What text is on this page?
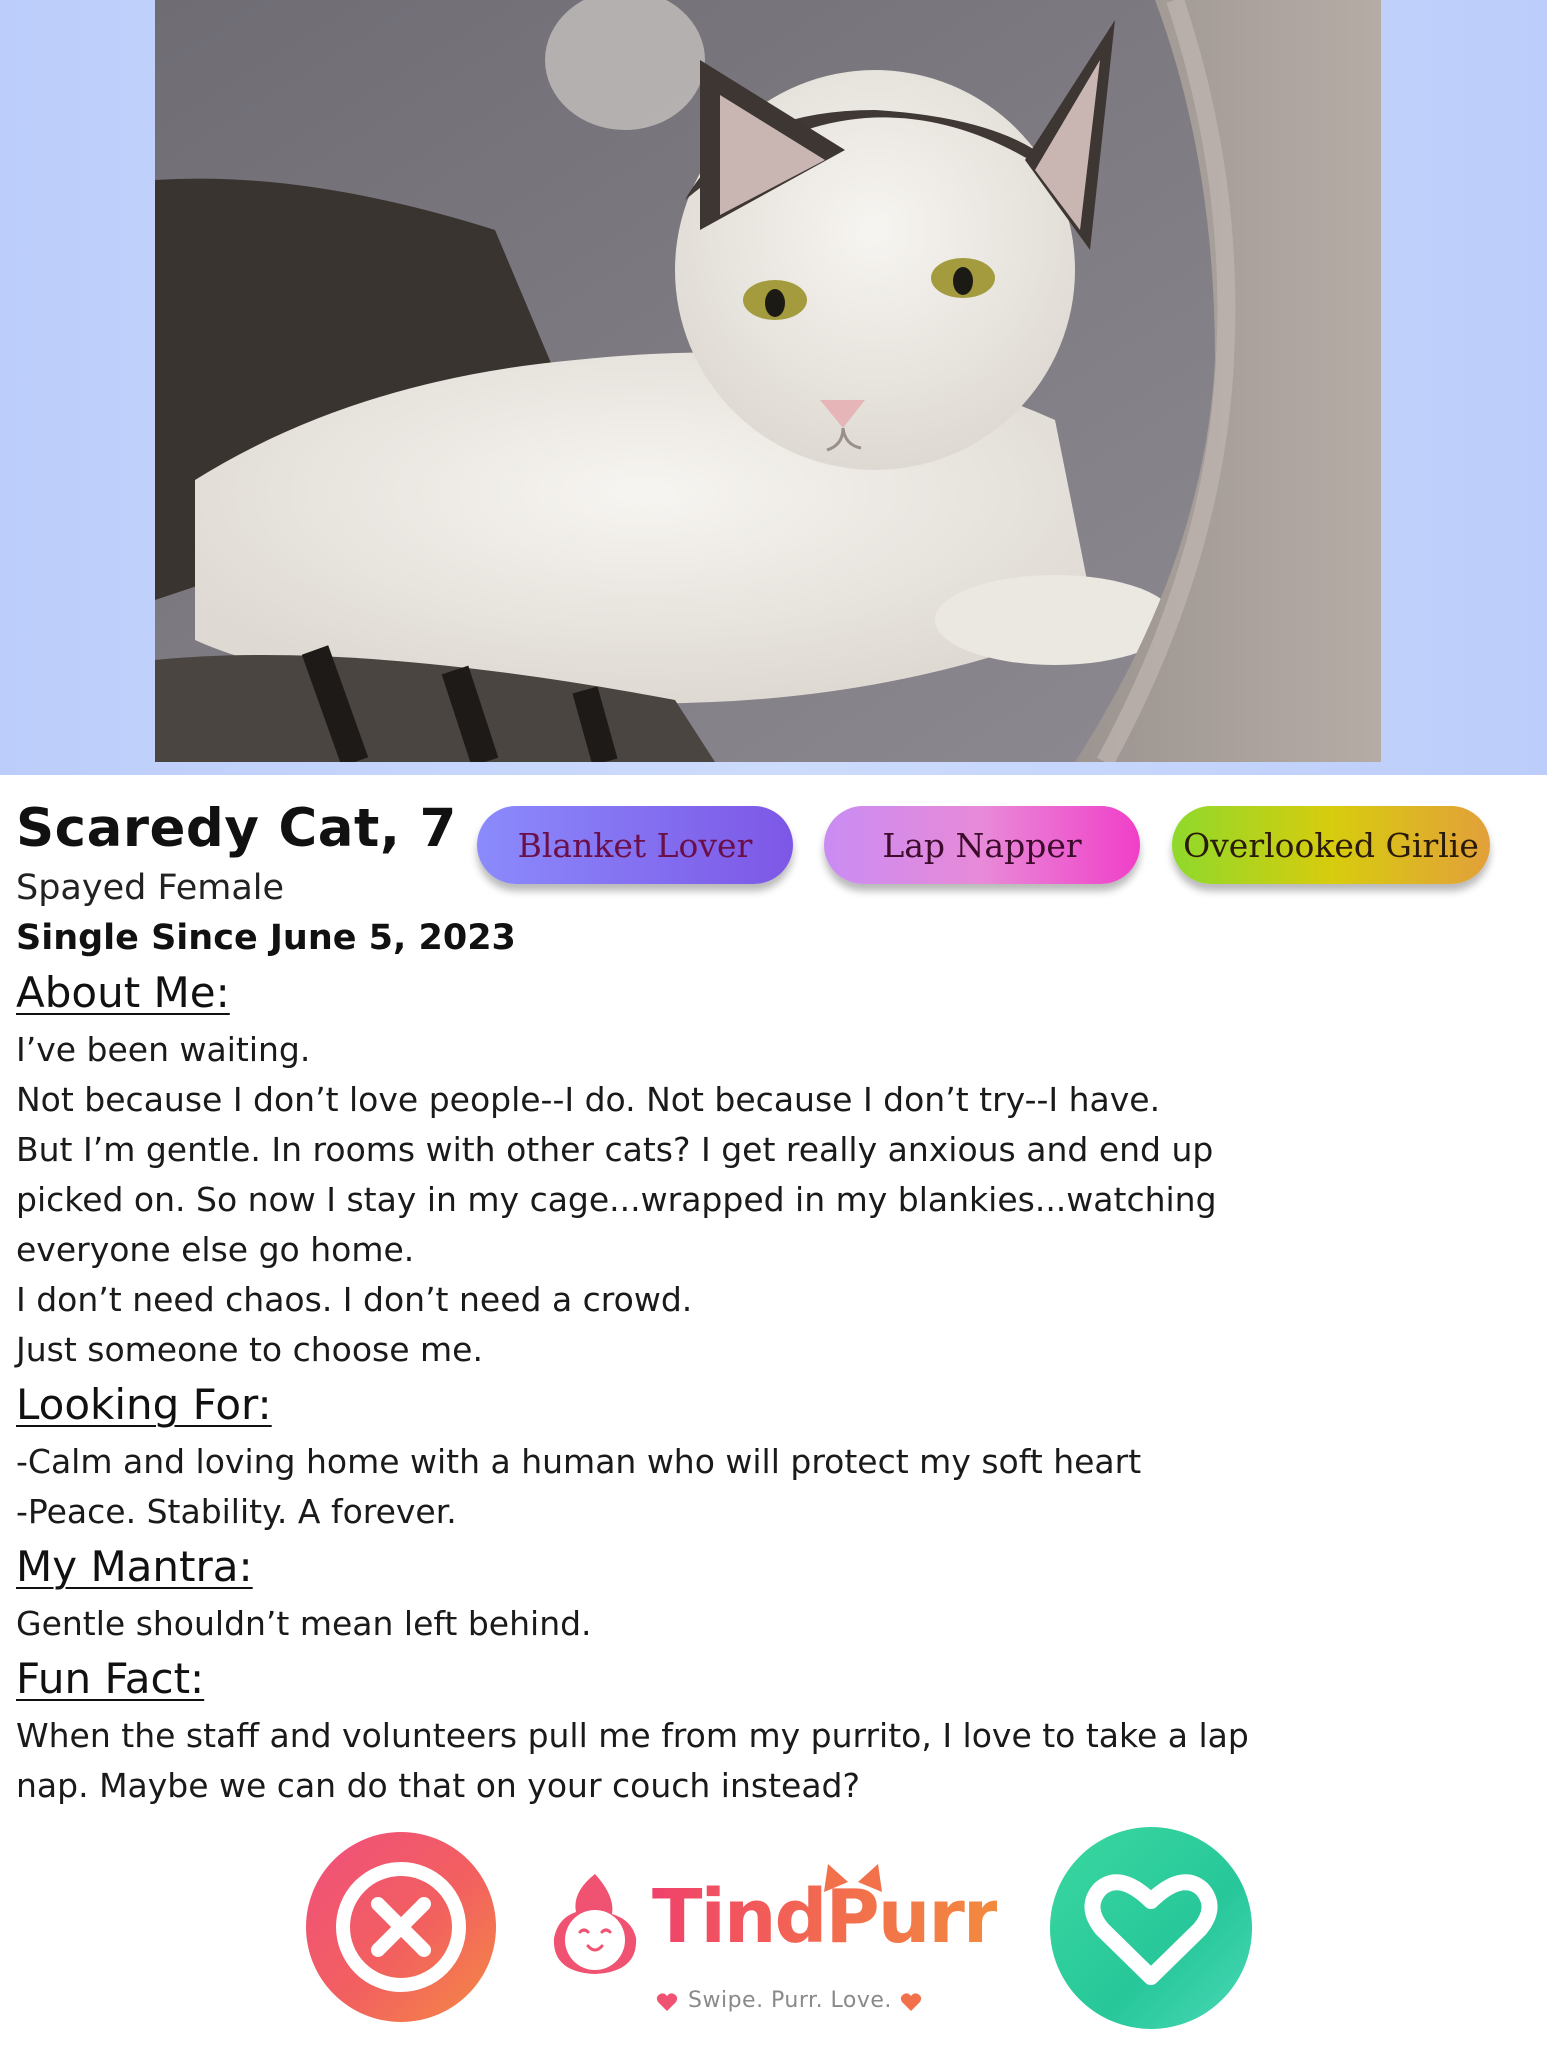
Scaredy Cat, 7
Spayed Female
Single Since June 5, 2023
Blanket Lover	Lap Napper	Overlooked Girlie
About Me:
I’ve been waiting.
Not because I don’t love people--I do. Not because I don’t try--I have.
But I’m gentle. In rooms with other cats? I get really anxious and end up
picked on. So now I stay in my cage...wrapped in my blankies...watching
everyone else go home.
I don’t need chaos. I don’t need a crowd.
Just someone to choose me.
Looking For:
-Calm and loving home with a human who will protect my soft heart
-Peace. Stability. A forever.
My Mantra:
Gentle shouldn’t mean left behind.
Fun Fact:
When the staff and volunteers pull me from my purrito, I love to take a lap
nap. Maybe we can do that on your couch instead?
TindPurr
Swipe. Purr. Love.
